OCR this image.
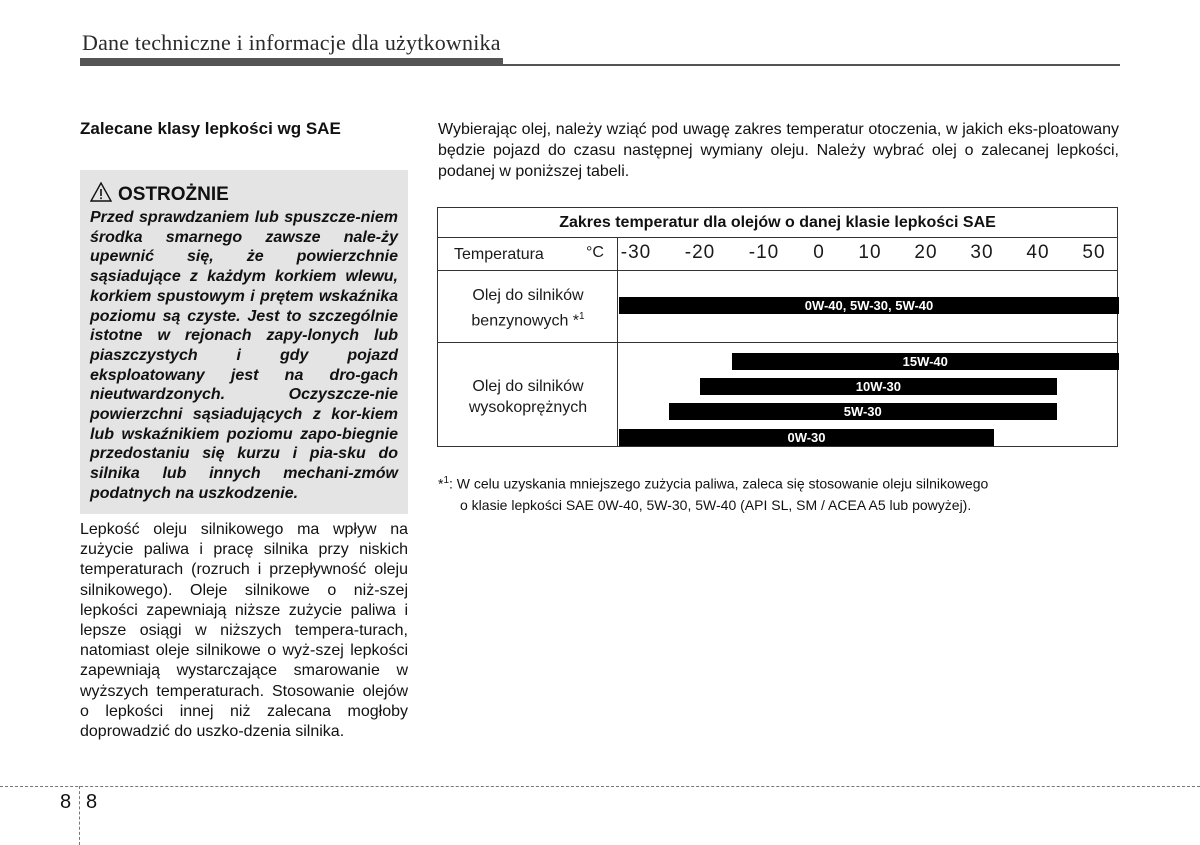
Dane techniczne i informacje dla użytkownika
Zalecane klasy lepkości wg SAE
OSTROŻNIE
Przed sprawdzaniem lub spuszcze-niem środka smarnego zawsze nale-ży upewnić się, że powierzchnie sąsiadujące z każdym korkiem wlewu, korkiem spustowym i prętem wskaźnika poziomu są czyste. Jest to szczególnie istotne w rejonach zapy-lonych lub piaszczystych i gdy pojazd eksploatowany jest na dro-gach nieutwardzonych. Oczyszcze-nie powierzchni sąsiadujących z kor-kiem lub wskaźnikiem poziomu zapo-biegnie przedostaniu się kurzu i pia-sku do silnika lub innych mechani-zmów podatnych na uszkodzenie.
Lepkość oleju silnikowego ma wpływ na zużycie paliwa i pracę silnika przy niskich temperaturach (rozruch i przepływność oleju silnikowego). Oleje silnikowe o niż-szej lepkości zapewniają niższe zużycie paliwa i lepsze osiągi w niższych tempera-turach, natomiast oleje silnikowe o wyż-szej lepkości zapewniają wystarczające smarowanie w wyższych temperaturach. Stosowanie olejów o lepkości innej niż zalecana mogłoby doprowadzić do uszko-dzenia silnika.
Wybierając olej, należy wziąć pod uwagę zakres temperatur otoczenia, w jakich eks-ploatowany będzie pojazd do czasu następnej wymiany oleju. Należy wybrać olej o zalecanej lepkości, podanej w poniższej tabeli.
Zakres temperatur dla olejów o danej klasie lepkości SAE
Temperatura	°C
Olej do silników
benzynowych *$^1$
Olej do silników
wysokoprężnych
-30 -20 -10 0 10 20 30 40 50
0W-40, 5W-30, 5W-40
15W-40
10W-30
5W-30
0W-30
*$^1$: W celu uzyskania mniejszego zużycia paliwa, zaleca się stosowanie oleju silnikowego
o klasie lepkości SAE 0W-40, 5W-30, 5W-40 (API SL, SM / ACEA A5 lub powyżej).
8 8
